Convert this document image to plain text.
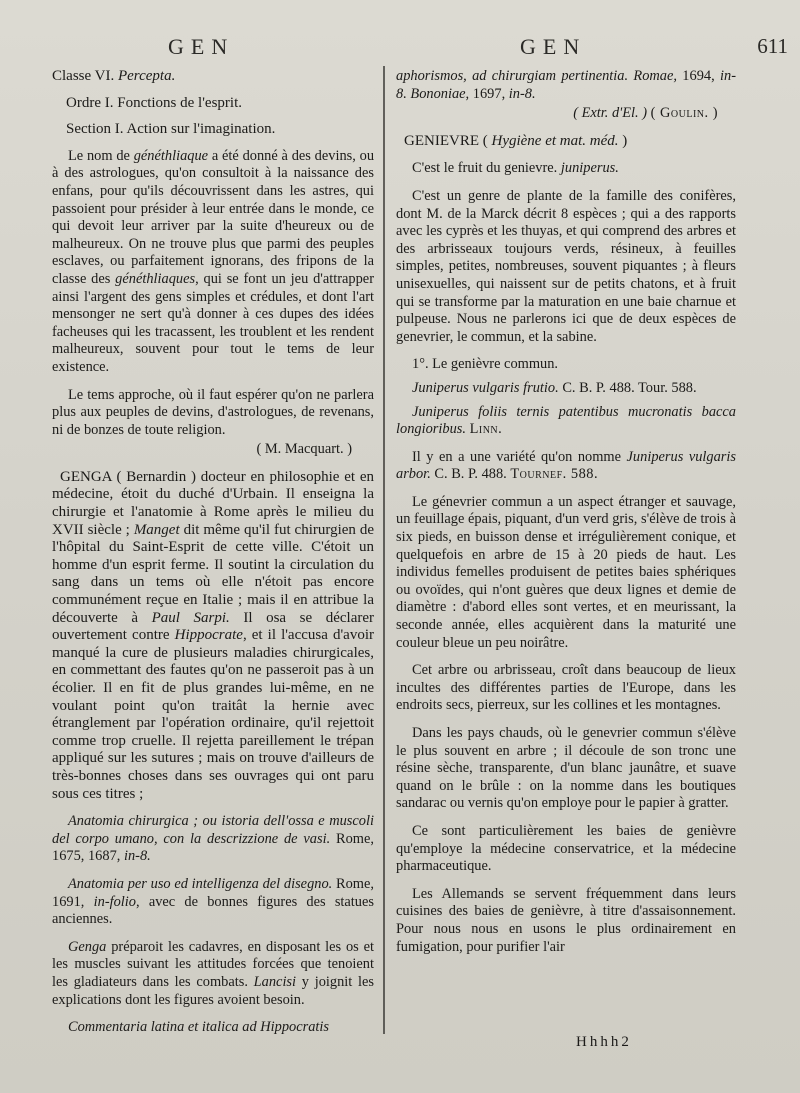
GEN	GEN	611
Classe VI. Percepta.
Ordre I. Fonctions de l'esprit.
Section I. Action sur l'imagination.

Le nom de généthliaque a été donné à des devins, ou à des astrologues, qu'on consultoit à la naissance des enfans, pour qu'ils découvrissent dans les astres, qui passoient pour présider à leur entrée dans le monde, ce qui devoit leur arriver par la suite d'heureux ou de malheureux. On ne trouve plus que parmi des peuples esclaves, ou parfaitement ignorans, des fripons de la classe des généthliaques, qui se font un jeu d'attrapper ainsi l'argent des gens simples et crédules, et dont l'art mensonger ne sert qu'à donner à ces dupes des idées facheuses qui les tracassent, les troublent et les rendent malheureux, souvent pour tout le tems de leur existence.

Le tems approche, où il faut espérer qu'on ne parlera plus aux peuples de devins, d'astrologues, de revenans, ni de bonzes de toute religion.

( M. Macquart. )

GENGA ( Bernardin ) docteur en philosophie et en médecine, étoit du duché d'Urbain. Il enseigna la chirurgie et l'anatomie à Rome après le milieu du XVII siècle ; Manget dit même qu'il fut chirurgien de l'hôpital du Saint-Esprit de cette ville. C'étoit un homme d'un esprit ferme. Il soutint la circulation du sang dans un tems où elle n'étoit pas encore communément reçue en Italie ; mais il en attribue la découverte à Paul Sarpi. Il osa se déclarer ouvertement contre Hippocrate, et il l'accusa d'avoir manqué la cure de plusieurs maladies chirurgicales, en commettant des fautes qu'on ne passeroit pas à un écolier. Il en fit de plus grandes lui-même, en ne voulant point qu'on traitât la hernie avec étranglement par l'opération ordinaire, qu'il rejettoit comme trop cruelle. Il rejetta pareillement le trépan appliqué sur les sutures ; mais on trouve d'ailleurs de très-bonnes choses dans ses ouvrages qui ont paru sous ces titres ;

Anatomia chirurgica ; ou istoria dell'ossa e muscoli del corpo umano, con la descrizzione de vasi. Rome, 1675, 1687, in-8.

Anatomia per uso ed intelligenza del disegno. Rome, 1691, in-folio, avec de bonnes figures des statues anciennes.

Genga préparoit les cadavres, en disposant les os et les muscles suivant les attitudes forcées que tenoient les gladiateurs dans les combats. Lancisi y joignit les explications dont les figures avoient besoin.

Commentaria latina et italica ad Hippocratis

aphorismos, ad chirurgiam pertinentia. Romae, 1694, in-8. Bononiae, 1697, in-8.

( Extr. d'El. ) ( Goulin. )

GENIEVRE ( Hygiène et mat. méd. )

C'est le fruit du genievre. juniperus.

C'est un genre de plante de la famille des conifères, dont M. de la Marck décrit 8 espèces ; qui a des rapports avec les cyprès et les thuyas, et qui comprend des arbres et des arbrisseaux toujours verds, résineux, à feuilles simples, petites, nombreuses, souvent piquantes ; à fleurs unisexuelles, qui naissent sur de petits chatons, et à fruit qui se transforme par la maturation en une baie charnue et pulpeuse. Nous ne parlerons ici que de deux espèces de genevrier, le commun, et la sabine.

1°. Le genièvre commun.

Juniperus vulgaris frutio. C. B. P. 488. Tour. 588.

Juniperus foliis ternis patentibus mucronatis bacca longioribus. Linn.

Il y en a une variété qu'on nomme Juniperus vulgaris arbor. C. B. P. 488. Tournef. 588.

Le génevrier commun a un aspect étranger et sauvage, un feuillage épais, piquant, d'un verd gris, s'élève de trois à six pieds, en buisson dense et irrégulièrement conique, et quelquefois en arbre de 15 à 20 pieds de haut. Les individus femelles produisent de petites baies sphériques ou ovoïdes, qui n'ont guères que deux lignes et demie de diamètre : d'abord elles sont vertes, et en meurissant, la seconde année, elles acquièrent dans la maturité une couleur bleue un peu noirâtre.

Cet arbre ou arbrisseau, croît dans beaucoup de lieux incultes des différentes parties de l'Europe, dans les endroits secs, pierreux, sur les collines et les montagnes.

Dans les pays chauds, où le genevrier commun s'élève le plus souvent en arbre ; il découle de son tronc une résine sèche, transparente, d'un blanc jaunâtre, et suave quand on le brûle : on la nomme dans les boutiques sandarac ou vernis qu'on employe pour le papier à gratter.

Ce sont particulièrement les baies de genièvre qu'employe la médecine conservatrice, et la médecine pharmaceutique.

Les Allemands se servent fréquemment dans leurs cuisines des baies de genièvre, à titre d'assaisonnement. Pour nous nous en usons le plus ordinairement en fumigation, pour purifier l'air

Hhhh2
